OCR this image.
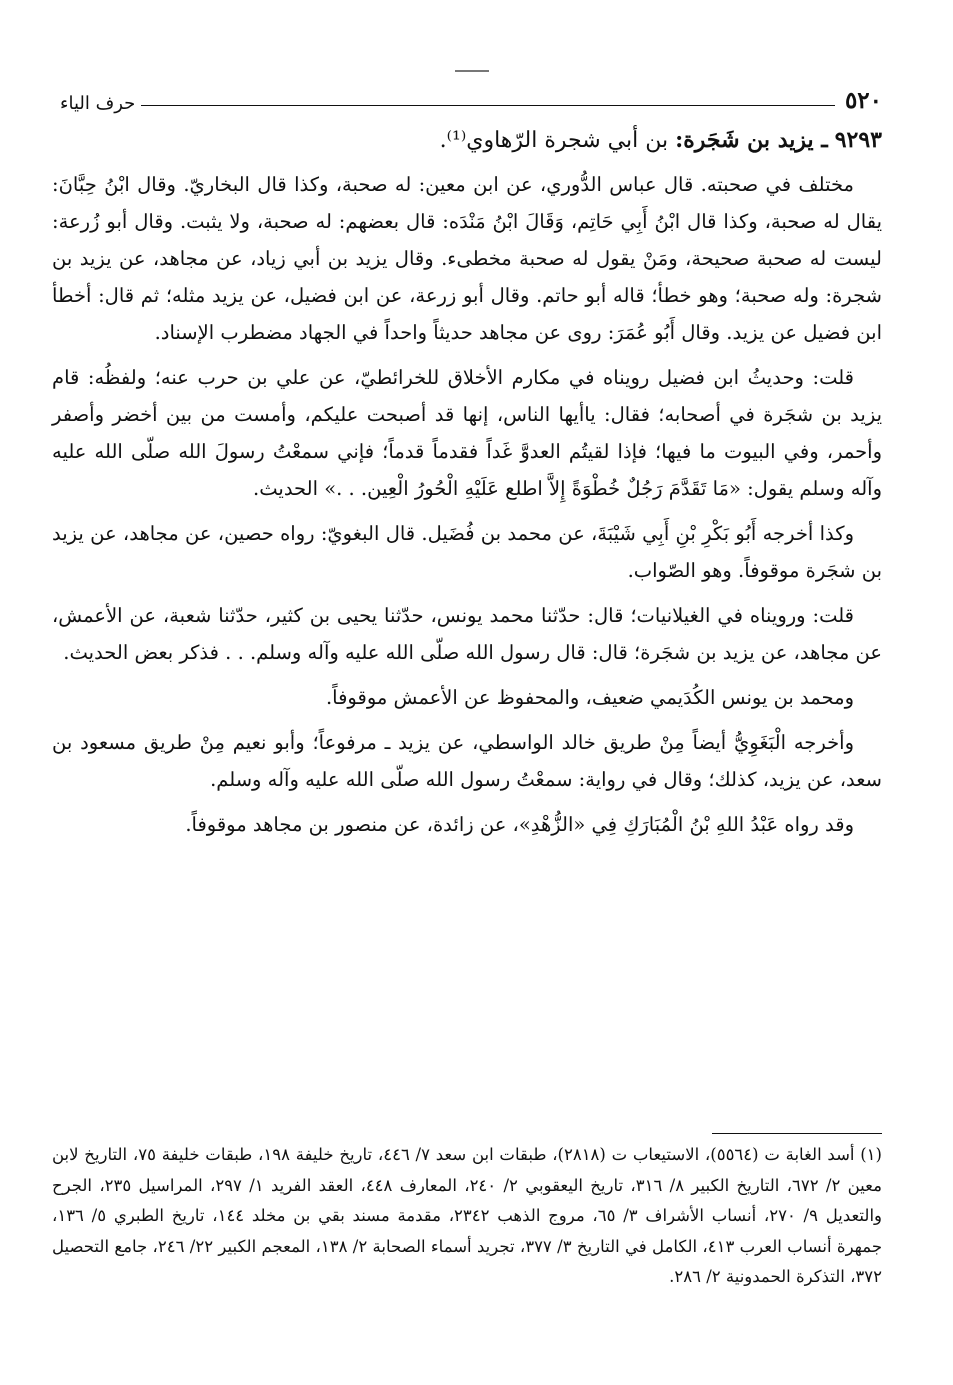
٥٢٠
حرف الياء

٩٢٩٣ ـ يزيد بن شَجَرة: بن أبي شجرة الرّهاوي⁽¹⁾.

مختلف في صحبته. قال عباس الدُّوري، عن ابن معين: له صحبة، وكذا قال البخاريّ. وقال ابْنُ حِبَّانَ: يقال له صحبة، وكذا قال ابْنُ أَبِي حَاتِم، وَقَالَ ابْنُ مَنْدَه: قال بعضهم: له صحبة، ولا يثبت. وقال أبو زُرعة: ليست له صحبة صحيحة، ومَنْ يقول له صحبة مخطىء. وقال يزيد بن أبي زياد، عن مجاهد، عن يزيد بن شجرة: وله صحبة؛ وهو خطأ؛ قاله أبو حاتم. وقال أبو زرعة، عن ابن فضيل، عن يزيد مثله؛ ثم قال: أخطأ ابن فضيل عن يزيد. وقال أَبُو عُمَرَ: روى عن مجاهد حديثاً واحداً في الجهاد مضطرب الإسناد.

قلت: وحديثُ ابن فضيل رويناه في مكارم الأخلاق للخرائطيّ، عن علي بن حرب عنه؛ ولفظُه: قام يزيد بن شجَرة في أصحابه؛ فقال: ياأيها الناس، إنها قد أصبحت عليكم، وأمست من بين أخضر وأصفر وأحمر، وفي البيوت ما فيها؛ فإذا لقيتُم العدوَّ غَداً فقدماً قدماً؛ فإني سمعْتُ رسولَ الله صلّى الله عليه وآله وسلم يقول: «مَا تَقَدَّمَ رَجُلٌ خُطْوَةً إِلاَّ اطلع عَلَيْهِ الْحُورُ الْعِين. . .» الحديث.

وكذا أخرجه أَبُو بَكْرِ بْنِ أَبِي شَيْبَةَ، عن محمد بن فُضَيل. قال البغويّ: رواه حصين، عن مجاهد، عن يزيد بن شجَرة موقوفاً. وهو الصّواب.

قلت: ورويناه في الغيلانيات؛ قال: حدّثنا محمد يونس، حدّثنا يحيى بن كثير، حدّثنا شعبة، عن الأعمش، عن مجاهد، عن يزيد بن شجَرة؛ قال: قال رسول الله صلّى الله عليه وآله وسلم. . . فذكر بعض الحديث.

ومحمد بن يونس الكُدَيمي ضعيف، والمحفوظ عن الأعمش موقوفاً.

وأخرجه الْبَغَوِيُّ أيضاً مِنْ طريق خالد الواسطي، عن يزيد ـ مرفوعاً؛ وأبو نعيم مِنْ طريق مسعود بن سعد، عن يزيد، كذلك؛ وقال في رواية: سمعْتُ رسول الله صلّى الله عليه وآله وسلم.

وقد رواه عَبْدُ اللهِ بْنُ الْمُبَارَكِ فِي «الزُّهْدِ»، عن زائدة، عن منصور بن مجاهد موقوفاً.

(١) أسد الغابة ت (٥٥٦٤)، الاستيعاب ت (٢٨١٨)، طبقات ابن سعد ٧/ ٤٤٦، تاريخ خليفة ١٩٨، طبقات خليفة ٧٥، التاريخ لابن معين ٢/ ٦٧٢، التاريخ الكبير ٨/ ٣١٦، تاريخ اليعقوبي ٢/ ٢٤٠، المعارف ٤٤٨، العقد الفريد ١/ ٢٩٧، المراسيل ٢٣٥، الجرح والتعديل ٩/ ٢٧٠، أنساب الأشراف ٣/ ٦٥، مروج الذهب ٢٣٤٢، مقدمة مسند بقي بن مخلد ١٤٤، تاريخ الطبري ٥/ ١٣٦، جمهرة أنساب العرب ٤١٣، الكامل في التاريخ ٣/ ٣٧٧، تجريد أسماء الصحابة ٢/ ١٣٨، المعجم الكبير ٢٢/ ٢٤٦، جامع التحصيل ٣٧٢، التذكرة الحمدونية ٢/ ٢٨٦.
